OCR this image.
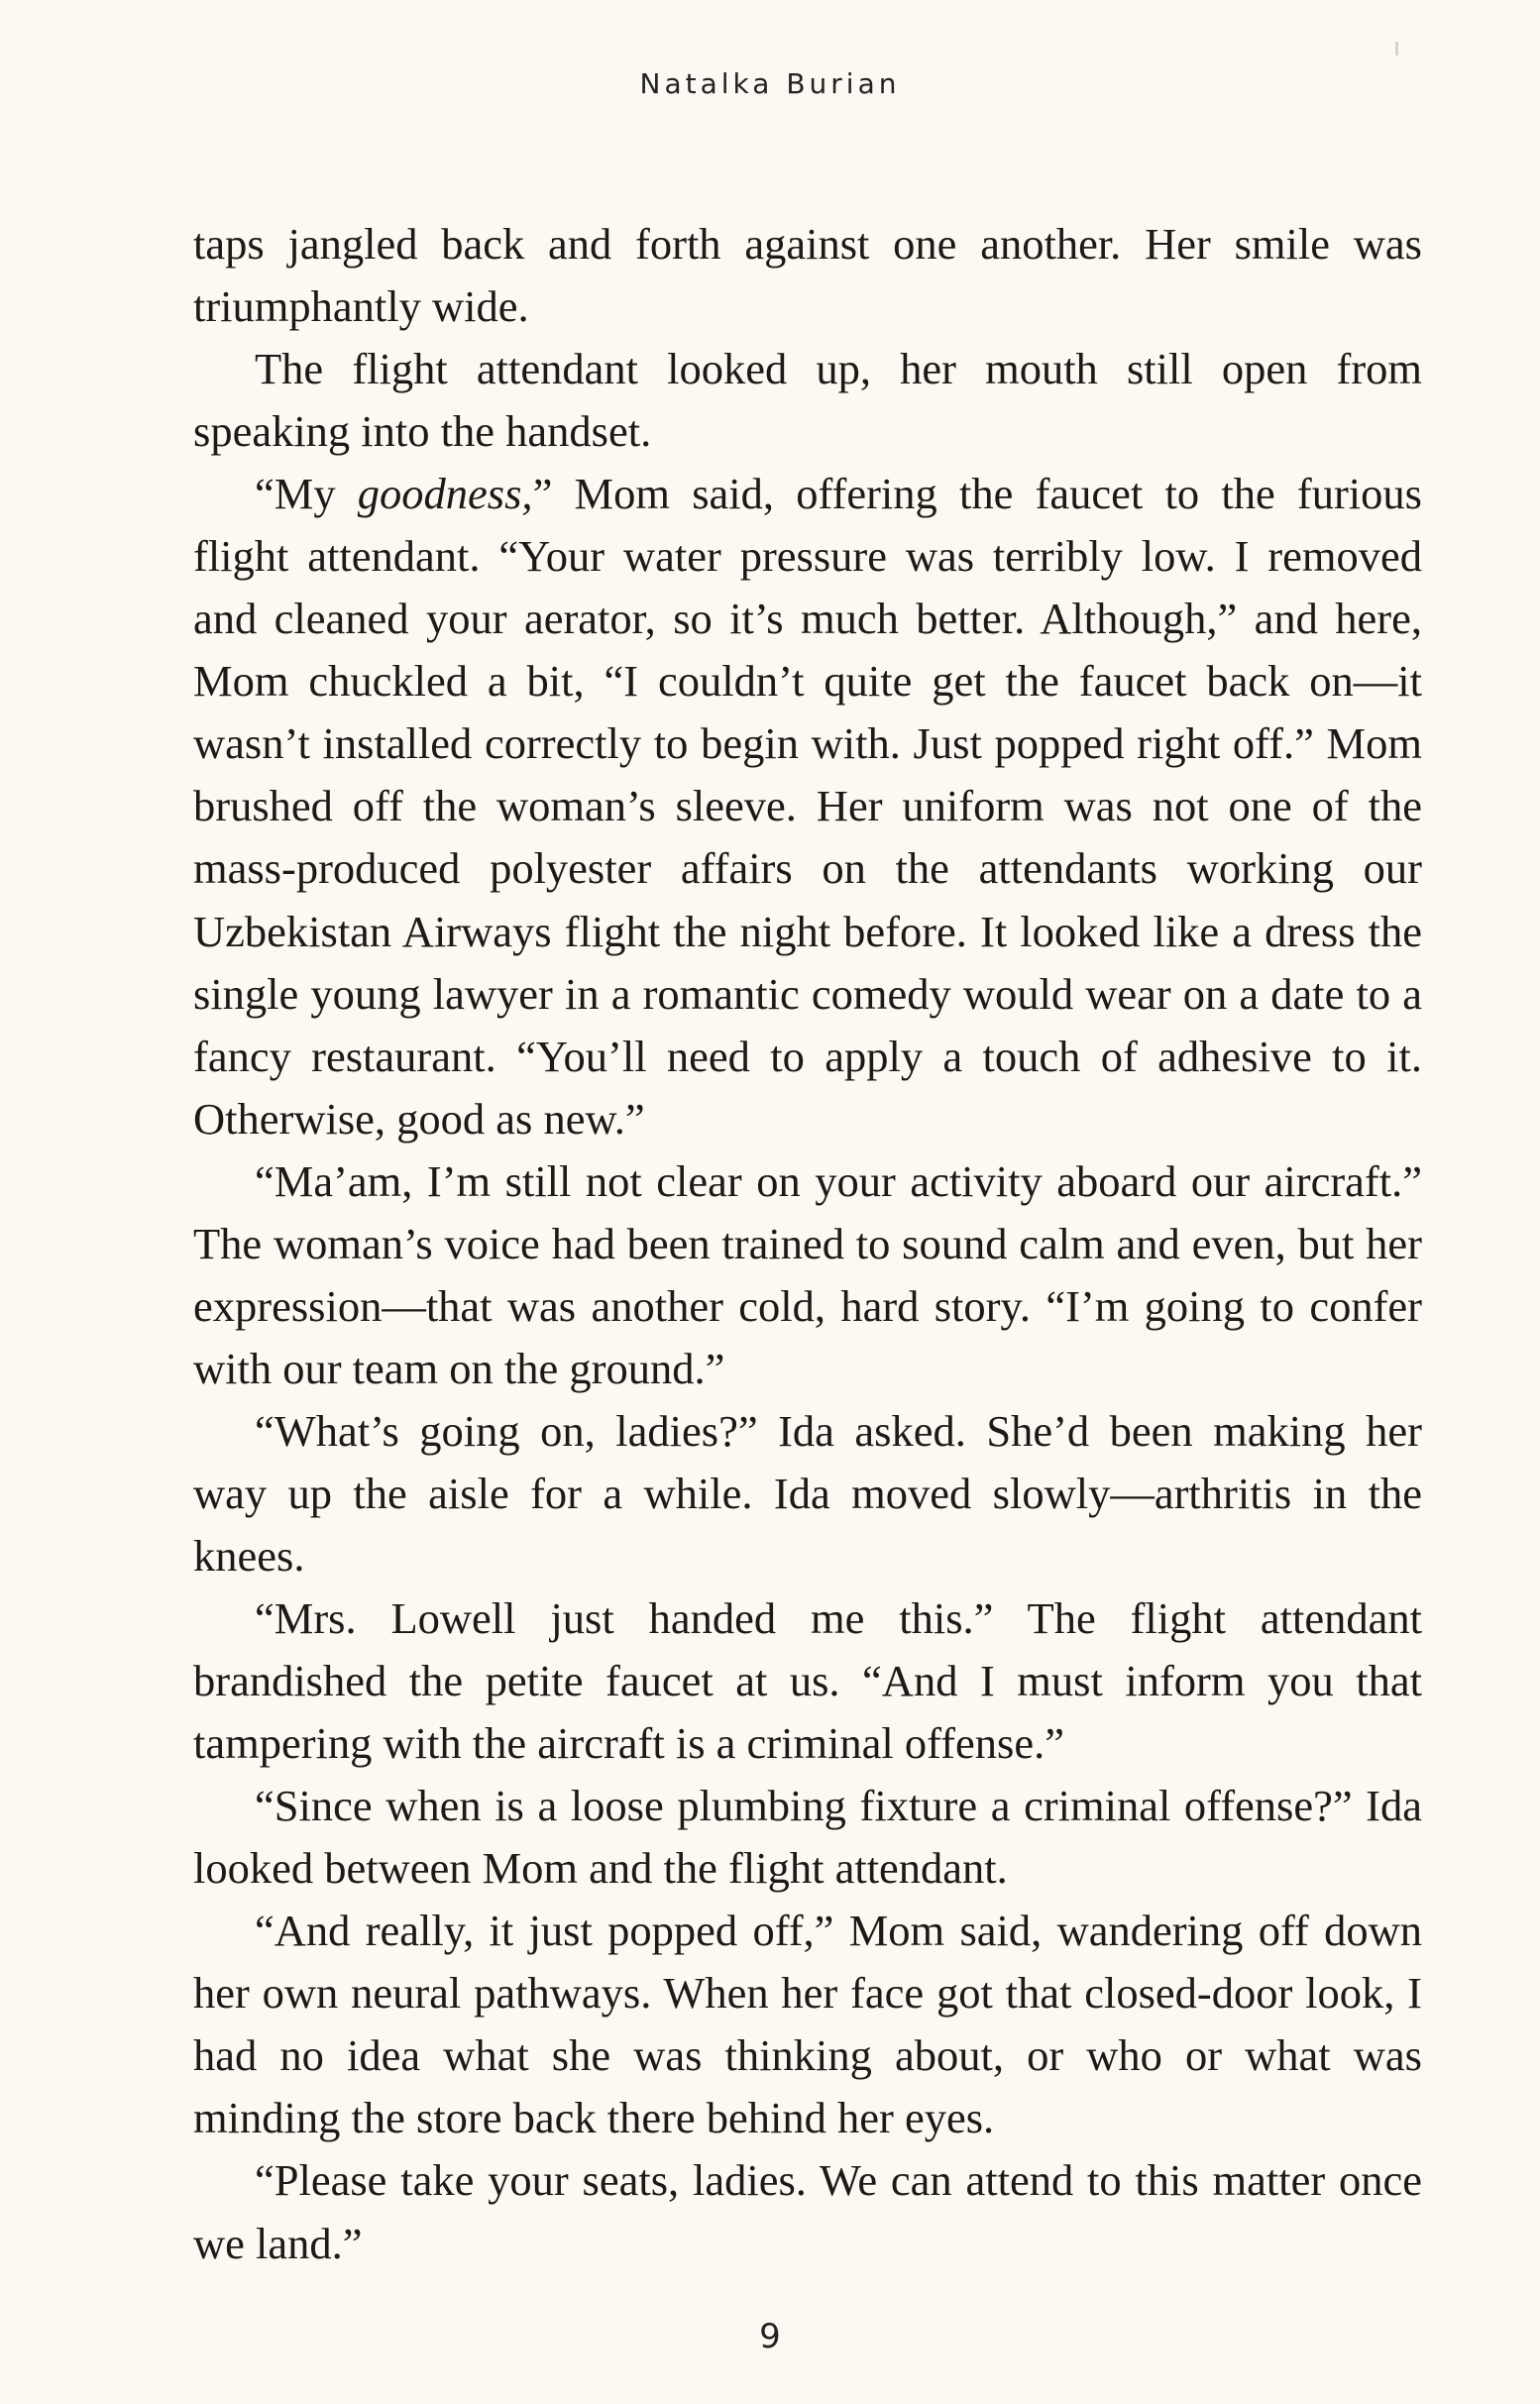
Natalka Burian

taps jangled back and forth against one another. Her smile was triumphantly wide.

The flight attendant looked up, her mouth still open from speaking into the handset.

“My goodness,” Mom said, offering the faucet to the furious flight attendant. “Your water pressure was terribly low. I removed and cleaned your aerator, so it’s much better. Although,” and here, Mom chuckled a bit, “I couldn’t quite get the faucet back on—it wasn’t installed correctly to begin with. Just popped right off.” Mom brushed off the woman’s sleeve. Her uniform was not one of the mass-produced polyester affairs on the attendants working our Uzbekistan Airways flight the night before. It looked like a dress the single young lawyer in a romantic comedy would wear on a date to a fancy restaurant. “You’ll need to apply a touch of adhesive to it. Otherwise, good as new.”

“Ma’am, I’m still not clear on your activity aboard our aircraft.” The woman’s voice had been trained to sound calm and even, but her expression—that was another cold, hard story. “I’m going to confer with our team on the ground.”

“What’s going on, ladies?” Ida asked. She’d been making her way up the aisle for a while. Ida moved slowly—arthritis in the knees.

“Mrs. Lowell just handed me this.” The flight attendant brandished the petite faucet at us. “And I must inform you that tampering with the aircraft is a criminal offense.”

“Since when is a loose plumbing fixture a criminal offense?” Ida looked between Mom and the flight attendant.

“And really, it just popped off,” Mom said, wandering off down her own neural pathways. When her face got that closed-door look, I had no idea what she was thinking about, or who or what was minding the store back there behind her eyes.

“Please take your seats, ladies. We can attend to this matter once we land.”

9
